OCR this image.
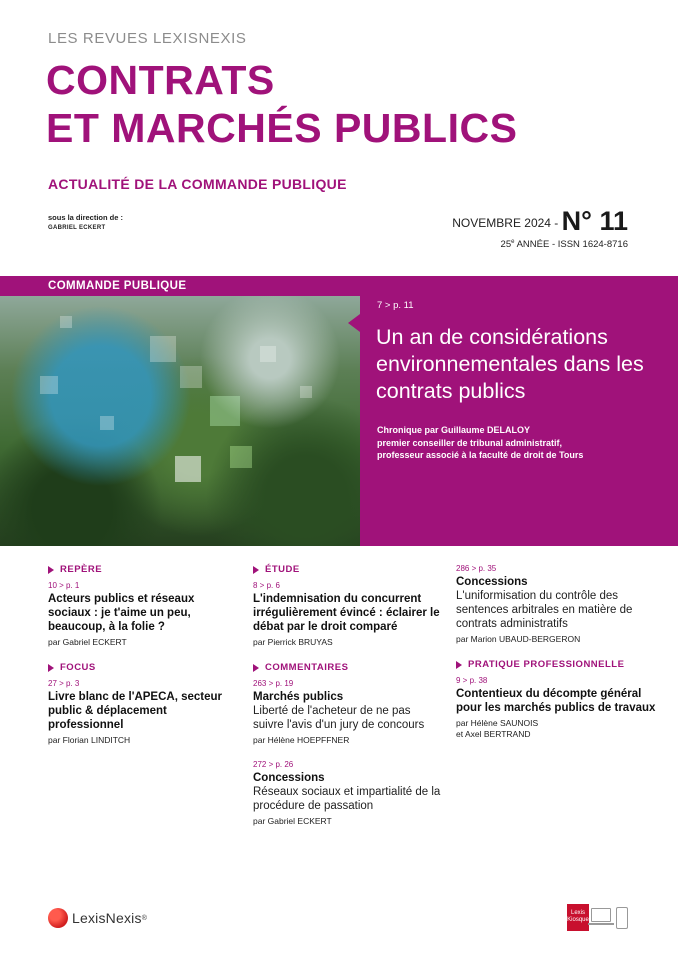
LES REVUES LEXISNEXIS
CONTRATS
ET MARCHÉS PUBLICS
ACTUALITÉ DE LA COMMANDE PUBLIQUE
sous la direction de :
GABRIEL ECKERT	NOVEMBRE 2024 - N° 11
25e ANNÉE - ISSN 1624-8716
COMMANDE PUBLIQUE
7 > p. 11
Un an de considérations environnementales dans les contrats publics
Chronique par Guillaume DELALOY
premier conseiller de tribunal administratif,
professeur associé à la faculté de droit de Tours
REPÈRE
10 > p. 1
Acteurs publics et réseaux sociaux : je t'aime un peu, beaucoup, à la folie ?
par Gabriel ECKERT
FOCUS
27 > p. 3
Livre blanc de l'APECA, secteur public & déplacement professionnel
par Florian LINDITCH
ÉTUDE
8 > p. 6
L'indemnisation du concurrent irrégulièrement évincé : éclairer le débat par le droit comparé
par Pierrick BRUYAS
COMMENTAIRES
263 > p. 19
Marchés publics
Liberté de l'acheteur de ne pas suivre l'avis d'un jury de concours
par Hélène HOEPFFNER
272 > p. 26
Concessions
Réseaux sociaux et impartialité de la procédure de passation
par Gabriel ECKERT
286 > p. 35
Concessions
L'uniformisation du contrôle des sentences arbitrales en matière de contrats administratifs
par Marion UBAUD-BERGERON
PRATIQUE PROFESSIONNELLE
9 > p. 38
Contentieux du décompte général pour les marchés publics de travaux
par Hélène SAUNOIS
et Axel BERTRAND
LexisNexis ®
Lexis
Kiosque
